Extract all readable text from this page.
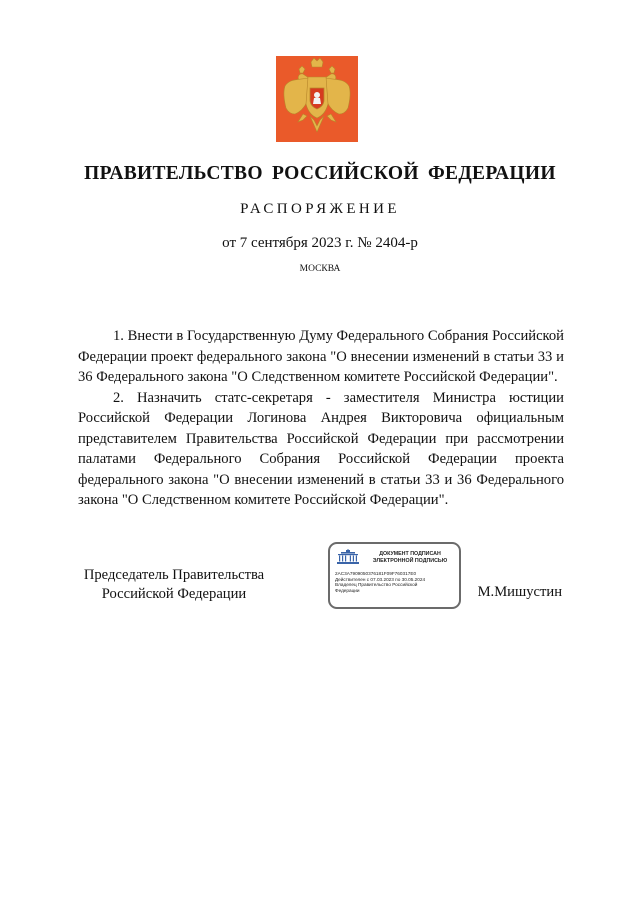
ПРАВИТЕЛЬСТВО РОССИЙСКОЙ ФЕДЕРАЦИИ
РАСПОРЯЖЕНИЕ
от 7 сентября 2023 г. № 2404-р
МОСКВА

1. Внести в Государственную Думу Федерального Собрания Российской Федерации проект федерального закона "О внесении изменений в статьи 33 и 36 Федерального закона "О Следственном комитете Российской Федерации".

2. Назначить статс-секретаря - заместителя Министра юстиции Российской Федерации Логинова Андрея Викторовича официальным представителем Правительства Российской Федерации при рассмотрении палатами Федерального Собрания Российской Федерации проекта федерального закона "О внесении изменений в статьи 33 и 36 Федерального закона "О Следственном комитете Российской Федерации".

Председатель Правительства
Российской Федерации
ДОКУМЕНТ ПОДПИСАН
ЭЛЕКТРОННОЙ ПОДПИСЬЮ
2AC3A7909050376181F09F760317E0
Действителен с 07.03.2023 по 30.05.2024
Владелец Правительство Российской
Федерации	М.Мишустин
